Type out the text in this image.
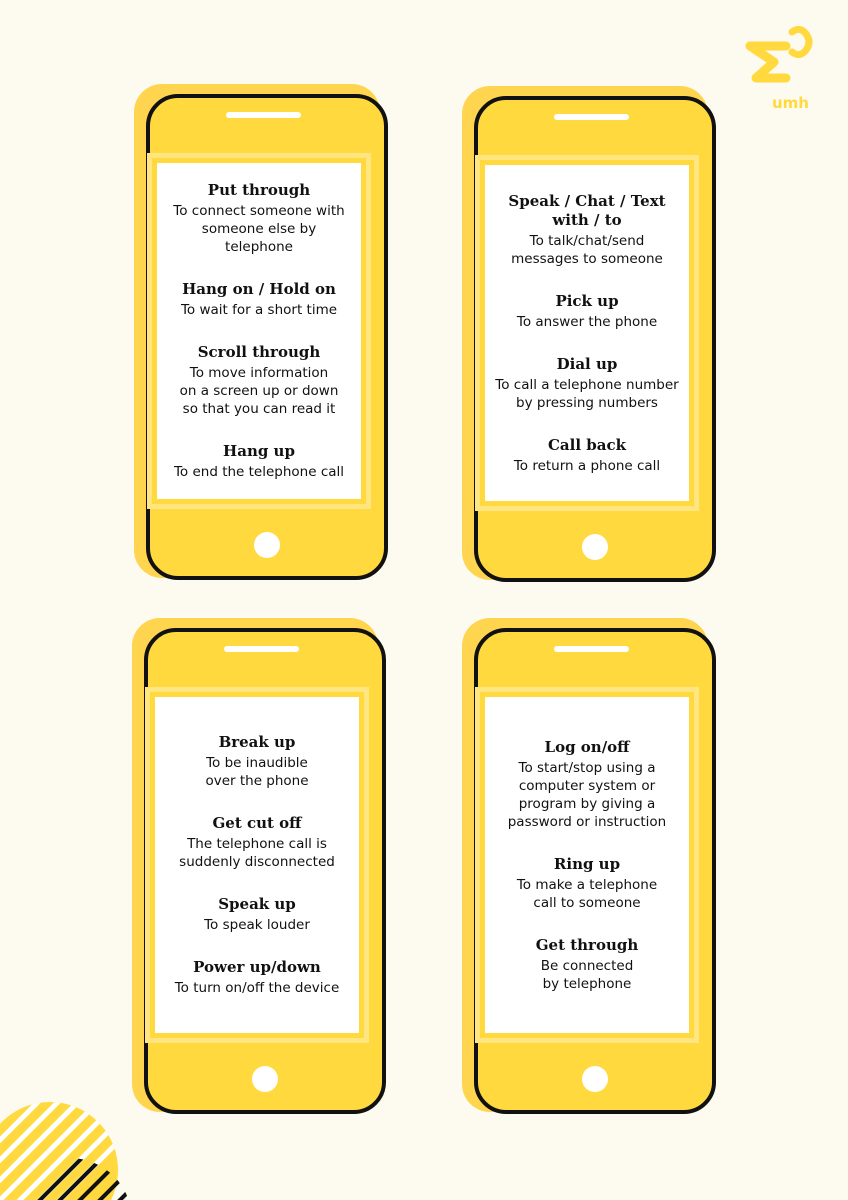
umh
Put through
To connect someone with
someone else by telephone
Hang on / Hold on
To wait for a short time
Scroll through
To move information
on a screen up or down
so that you can read it
Hang up
To end the telephone call
Speak / Chat / Text
with / to
To talk/chat/send
messages to someone
Pick up
To answer the phone
Dial up
To call a telephone number
by pressing numbers
Call back
To return a phone call
Break up
To be inaudible
over the phone
Get cut off
The telephone call is
suddenly disconnected
Speak up
To speak louder
Power up/down
To turn on/off the device
Log on/off
To start/stop using a
computer system or
program by giving a
password or instruction
Ring up
To make a telephone
call to someone
Get through
Be connected
by telephone
